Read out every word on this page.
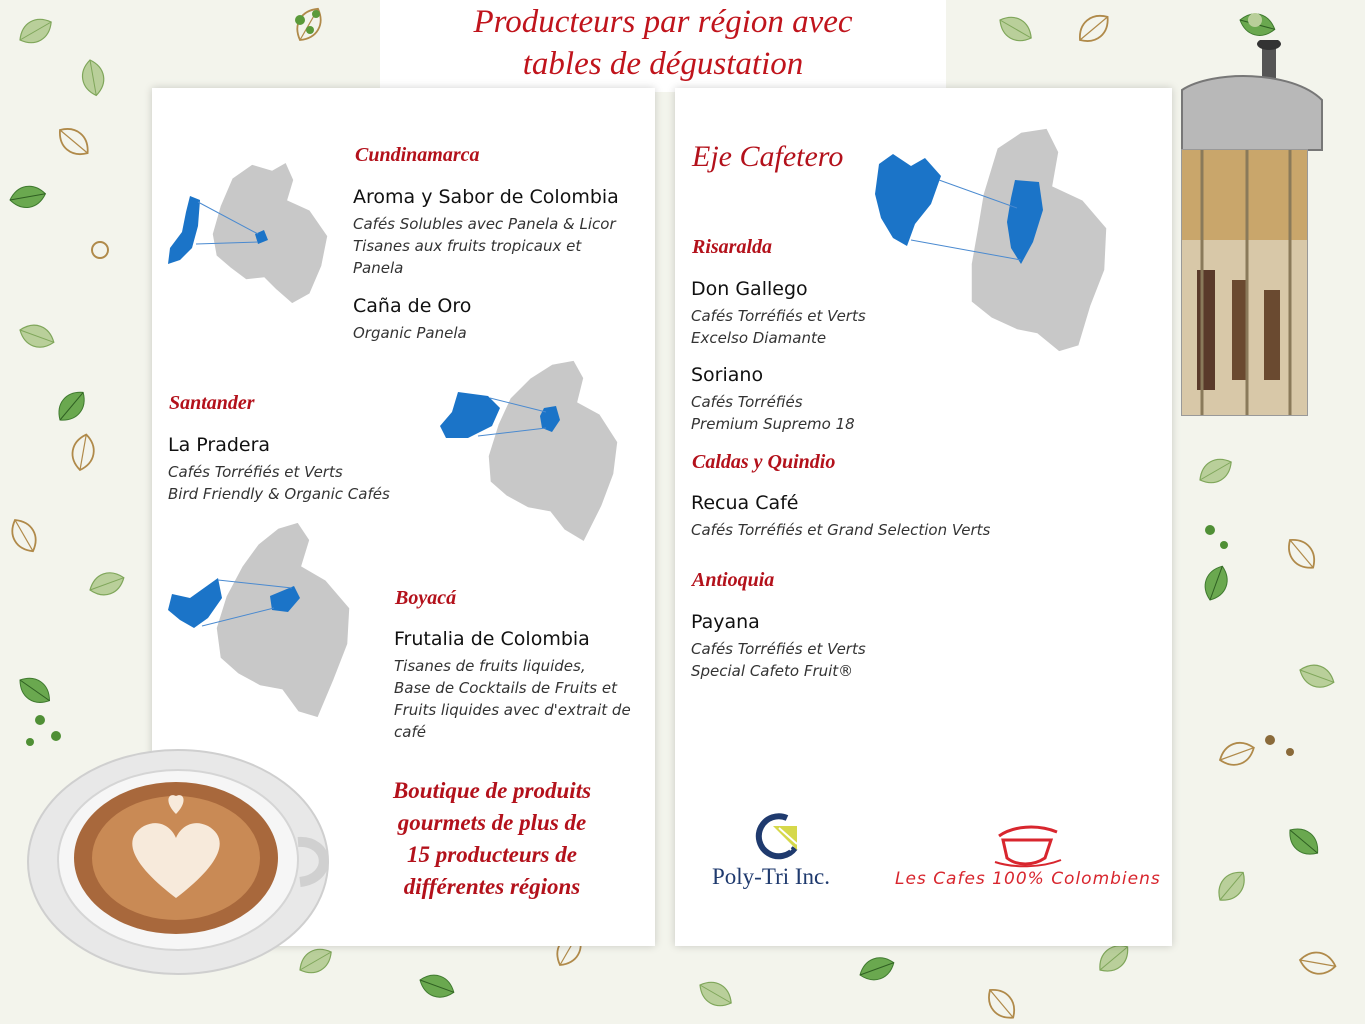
Producteurs par région avec
tables de dégustation
Cundinamarca
Aroma y Sabor de Colombia
Cafés Solubles avec Panela & Licor
Tisanes aux fruits tropicaux et Panela
Caña de Oro
Organic Panela
Santander
La Pradera
Cafés Torréfiés et Verts
Bird Friendly & Organic Cafés
Boyacá
Frutalia de Colombia
Tisanes de fruits liquides,
Base de Cocktails de Fruits et Fruits liquides avec d'extrait de café
Boutique de produits
gourmets de plus de
15 producteurs de
différentes régions
Eje Cafetero
Risaralda
Don Gallego
Cafés Torréfiés et Verts
Excelso Diamante
Soriano
Cafés Torréfiés
Premium Supremo 18
Caldas y Quindio
Recua Café
Cafés Torréfiés et Grand Selection Verts
Antioquia
Payana
Cafés Torréfiés et Verts
Special Cafeto Fruit®
Poly-Tri Inc.	Les Cafes 100% Colombiens
